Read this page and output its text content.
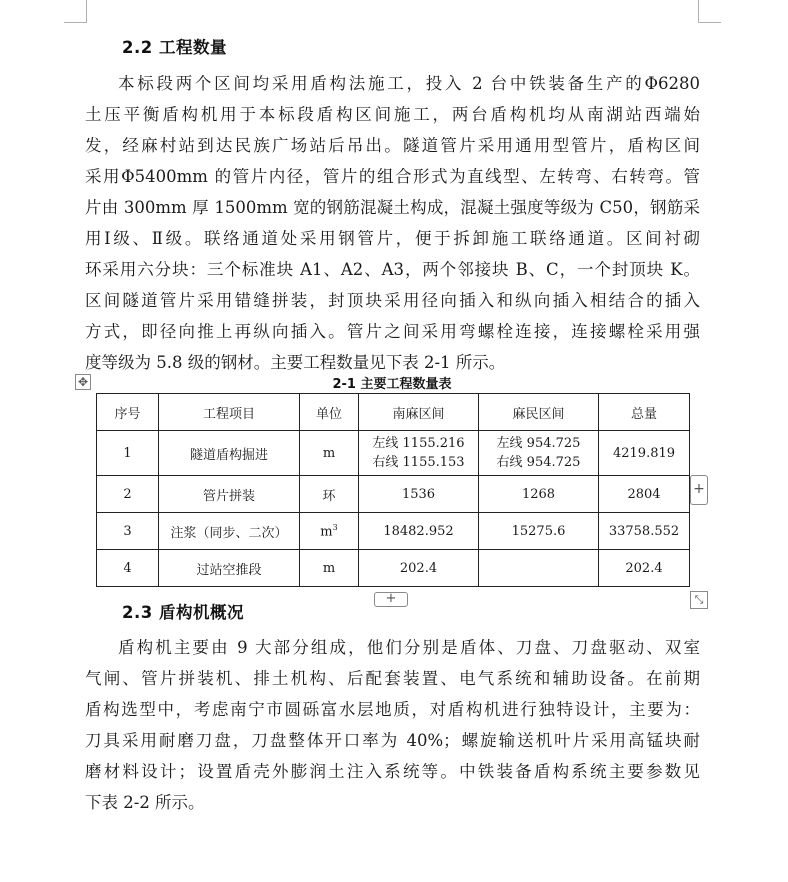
2.2 工程数量
本标段两个区间均采用盾构法施工，投入 2 台中铁装备生产的Φ6280
土压平衡盾构机用于本标段盾构区间施工，两台盾构机均从南湖站西端始
发，经麻村站到达民族广场站后吊出。隧道管片采用通用型管片，盾构区间
采用Φ5400mm 的管片内径，管片的组合形式为直线型、左转弯、右转弯。管
片由 300mm 厚 1500mm 宽的钢筋混凝土构成，混凝土强度等级为 C50，钢筋采
用Ⅰ级、Ⅱ级。联络通道处采用钢管片，便于拆卸施工联络通道。区间衬砌
环采用六分块：三个标准块 A1、A2、A3，两个邻接块 B、C，一个封顶块 K。
区间隧道管片采用错缝拼装，封顶块采用径向插入和纵向插入相结合的插入
方式，即径向推上再纵向插入。管片之间采用弯螺栓连接，连接螺栓采用强
度等级为 5.8 级的钢材。主要工程数量见下表 2-1 所示。
✥	2-1 主要工程数量表
序号	工程项目	单位	南麻区间	麻民区间	总量
1	隧道盾构掘进	m	左线 1155.216
右线 1155.153	左线 954.725
右线 954.725	4219.819
2	管片拼装	环	1536	1268	2804
3	注浆（同步、二次）	$m^3$	18482.952	15275.6	33758.552
4	过站空推段	m	202.4		202.4
+
+	⤡
2.3 盾构机概况
盾构机主要由 9 大部分组成，他们分别是盾体、刀盘、刀盘驱动、双室
气闸、管片拼装机、排土机构、后配套装置、电气系统和辅助设备。在前期
盾构选型中，考虑南宁市圆砾富水层地质，对盾构机进行独特设计，主要为：
刀具采用耐磨刀盘，刀盘整体开口率为 40%；螺旋输送机叶片采用高锰块耐
磨材料设计；设置盾壳外膨润土注入系统等。中铁装备盾构系统主要参数见
下表 2-2 所示。
